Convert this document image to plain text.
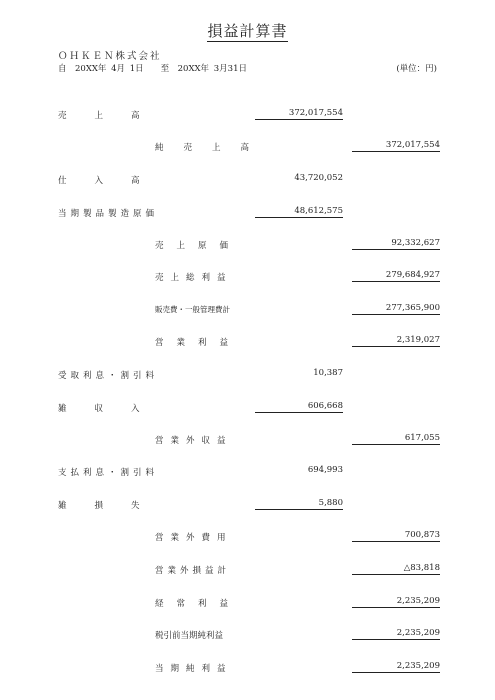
損益計算書
ＯＨＫＥＮ株式会社
自　20XX年 4月 1日　　至　20XX年 3月31日	(単位：円)
売上高	372,017,554
純売上高	372,017,554
仕入高	43,720,052
当期製品製造原価	48,612,575
売上原価	92,332,627
売上総利益	279,684,927
販売費・一般管理費計	277,365,900
営業利益	2,319,027
受取利息・割引料	10,387
雑収入	606,668
営業外収益	617,055
支払利息・割引料	694,993
雑損失	5,880
営業外費用	700,873
営業外損益計	△83,818
経常利益	2,235,209
税引前当期純利益	2,235,209
当期純利益	2,235,209
